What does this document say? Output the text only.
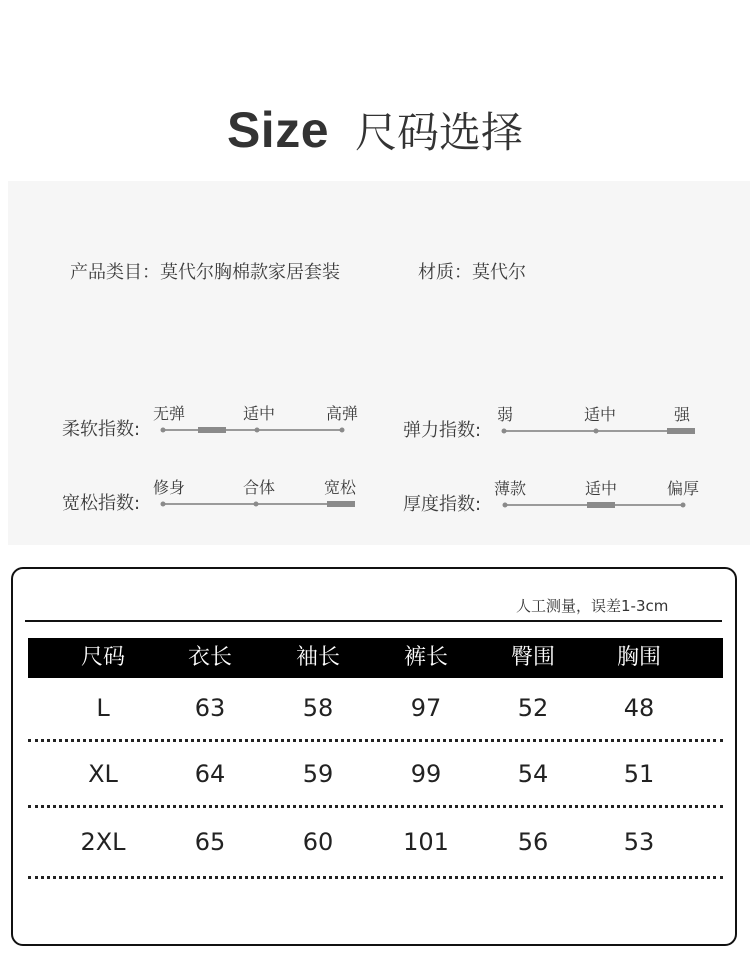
Size 尺码选择
产品类目：莫代尔胸棉款家居套装	材质：莫代尔
柔软指数:
无弹	适中	高弹
弹力指数:
弱	适中	强
宽松指数:
修身	合体	宽松
厚度指数:
薄款	适中	偏厚
人工测量，误差1-3cm
尺码	衣长	袖长	裤长	臀围	胸围
L	63	58	97	52	48
XL	64	59	99	54	51
2XL	65	60	101	56	53
